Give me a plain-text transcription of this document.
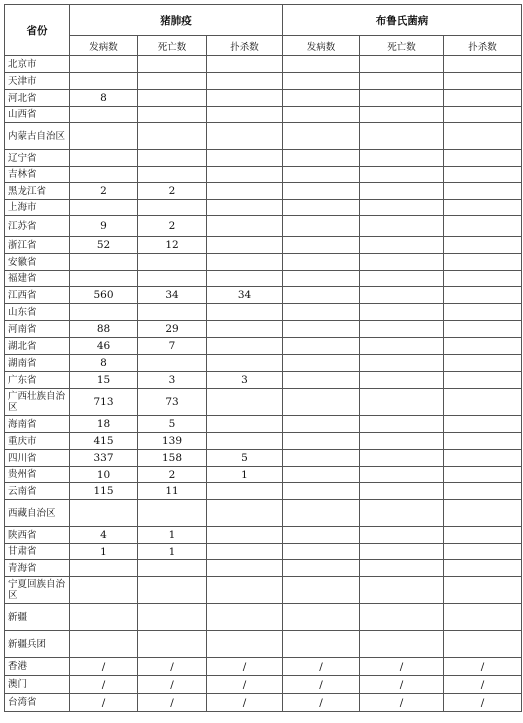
省份	猪肺疫			布鲁氏菌病		
	发病数	死亡数	扑杀数	发病数	死亡数	扑杀数
北京市						
天津市						
河北省	8					
山西省						
内蒙古自治区						
辽宁省						
吉林省						
黑龙江省	2	2				
上海市						
江苏省	9	2				
浙江省	52	12				
安徽省						
福建省						
江西省	560	34	34			
山东省						
河南省	88	29				
湖北省	46	7				
湖南省	8					
广东省	15	3	3			
广西壮族自治区	713	73				
海南省	18	5				
重庆市	415	139				
四川省	337	158	5			
贵州省	10	2	1			
云南省	115	11				
西藏自治区						
陕西省	4	1				
甘肃省	1	1				
青海省						
宁夏回族自治区						
新疆						
新疆兵团						
香港	/	/	/	/	/	/
澳门	/	/	/	/	/	/
台湾省	/	/	/	/	/	/
